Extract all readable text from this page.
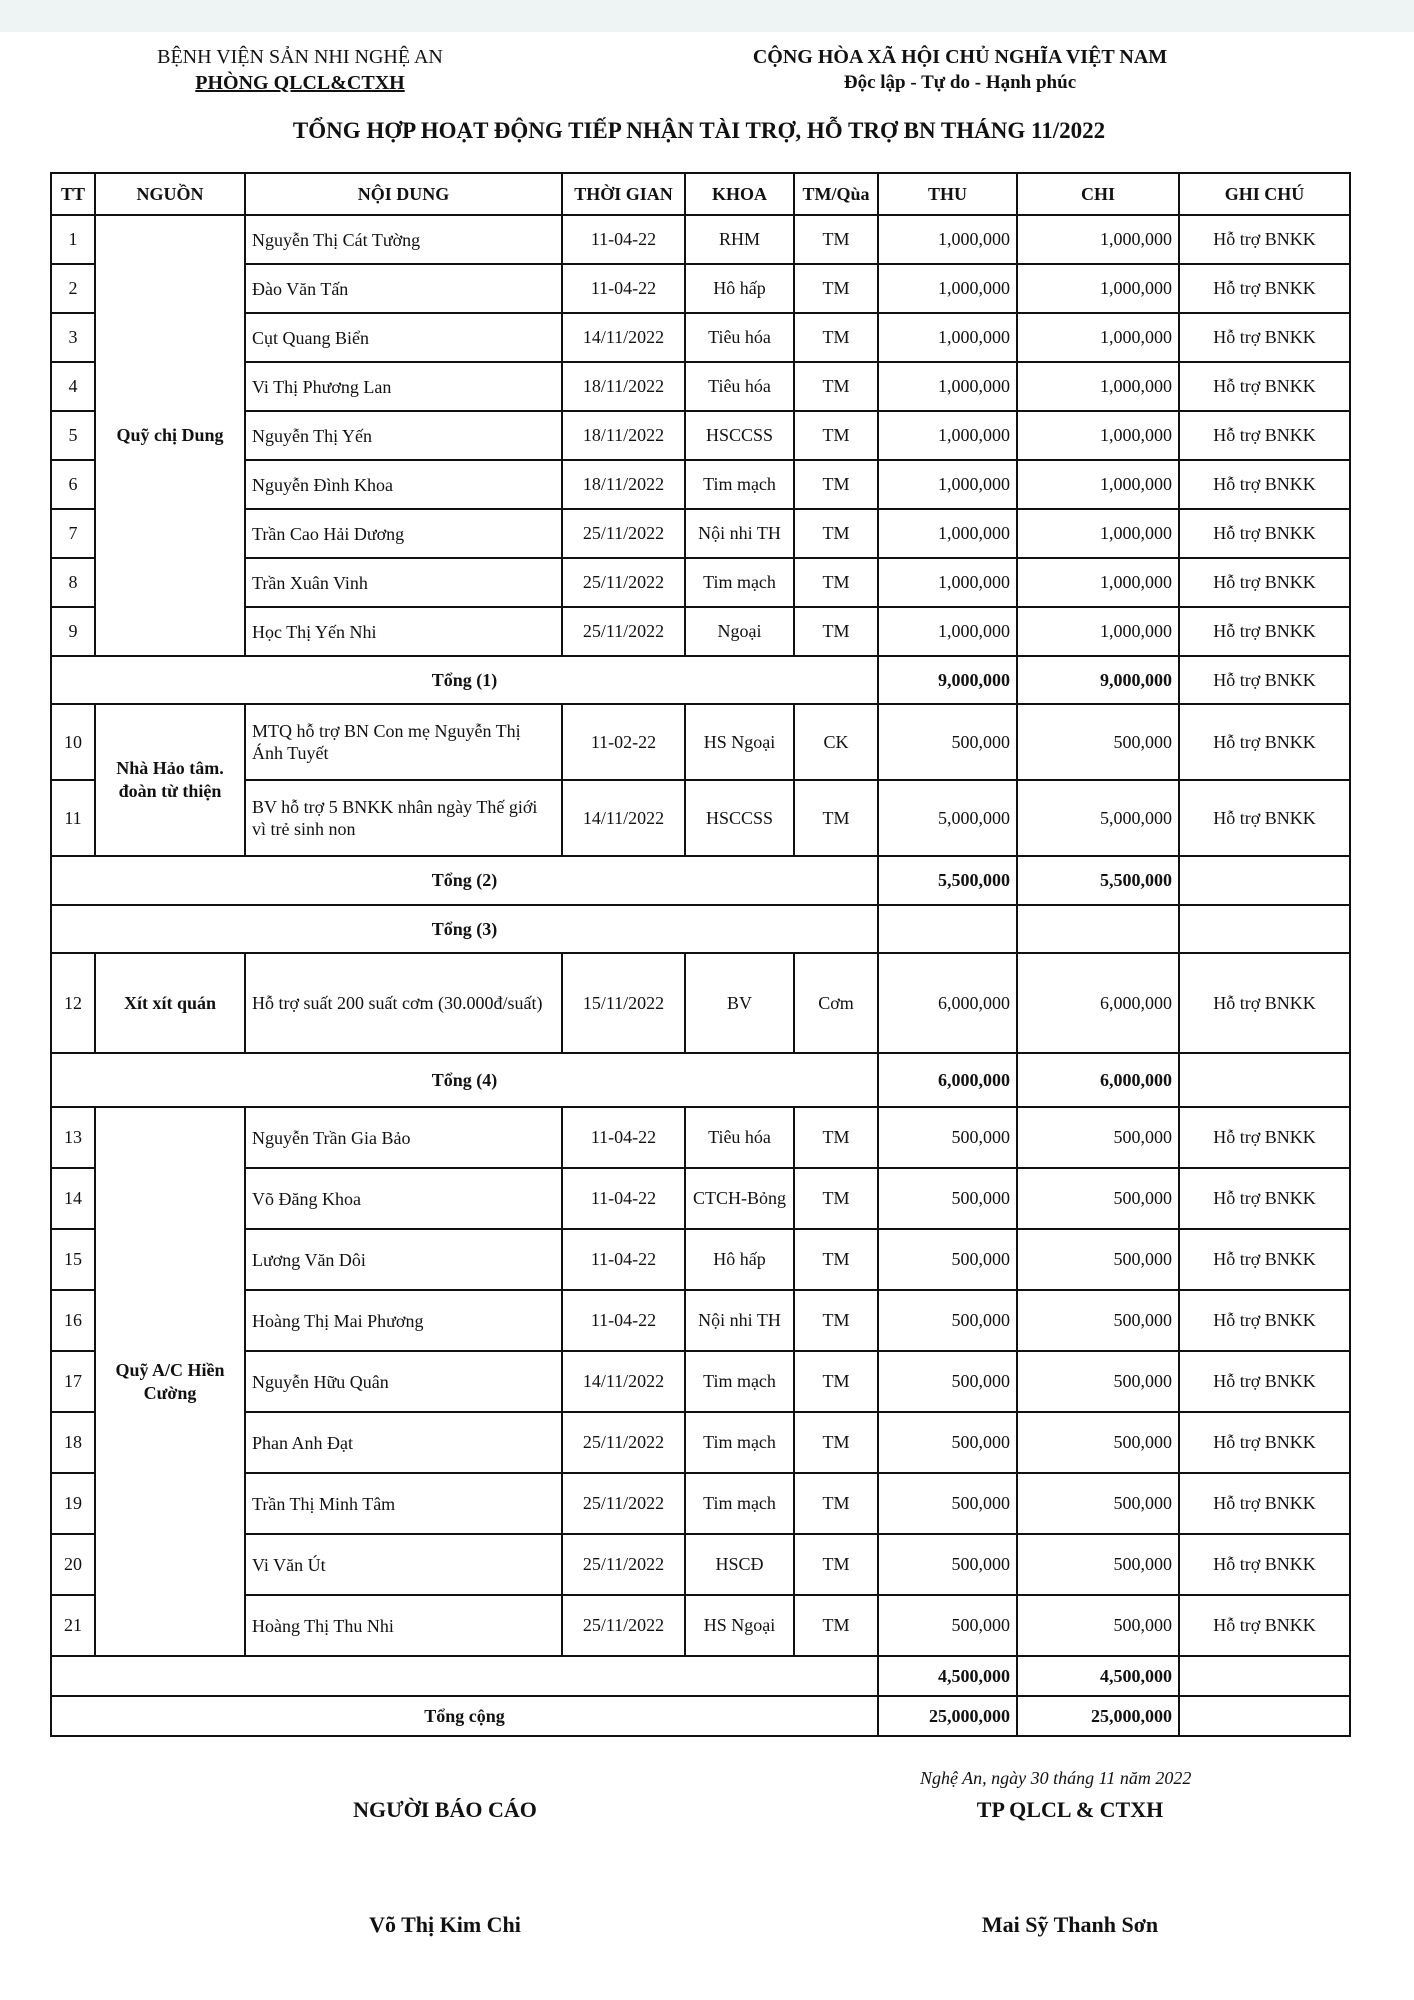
BỆNH VIỆN SẢN NHI NGHỆ AN
PHÒNG QLCL&CTXH
CỘNG HÒA XÃ HỘI CHỦ NGHĨA VIỆT NAM
Độc lập - Tự do - Hạnh phúc
TỔNG HỢP HOẠT ĐỘNG TIẾP NHẬN TÀI TRỢ, HỖ TRỢ BN THÁNG 11/2022
TT	NGUỒN	NỘI DUNG	THỜI GIAN	KHOA	TM/Qùa	THU	CHI	GHI CHÚ
1	Quỹ chị Dung	Nguyễn Thị Cát Tường	11-04-22	RHM	TM	1,000,000	1,000,000	Hỗ trợ BNKK
2		Đào Văn Tấn	11-04-22	Hô hấp	TM	1,000,000	1,000,000	Hỗ trợ BNKK
3		Cụt Quang Biển	14/11/2022	Tiêu hóa	TM	1,000,000	1,000,000	Hỗ trợ BNKK
4		Vi Thị Phương Lan	18/11/2022	Tiêu hóa	TM	1,000,000	1,000,000	Hỗ trợ BNKK
5		Nguyễn Thị Yến	18/11/2022	HSCCSS	TM	1,000,000	1,000,000	Hỗ trợ BNKK
6		Nguyễn Đình Khoa	18/11/2022	Tim mạch	TM	1,000,000	1,000,000	Hỗ trợ BNKK
7		Trần Cao Hải Dương	25/11/2022	Nội nhi TH	TM	1,000,000	1,000,000	Hỗ trợ BNKK
8		Trần Xuân Vinh	25/11/2022	Tim mạch	TM	1,000,000	1,000,000	Hỗ trợ BNKK
9		Học Thị Yến Nhi	25/11/2022	Ngoại	TM	1,000,000	1,000,000	Hỗ trợ BNKK
Tổng (1)						9,000,000	9,000,000	Hỗ trợ BNKK
10	Nhà Hảo tâm. đoàn từ thiện	MTQ hỗ trợ BN Con mẹ Nguyễn Thị Ánh Tuyết	11-02-22	HS Ngoại	CK	500,000	500,000	Hỗ trợ BNKK
11		BV hỗ trợ 5 BNKK nhân ngày Thế giới vì trẻ sinh non	14/11/2022	HSCCSS	TM	5,000,000	5,000,000	Hỗ trợ BNKK
Tổng (2)						5,500,000	5,500,000	
Tổng (3)								
12	Xít xít quán	Hỗ trợ suất 200 suất cơm (30.000đ/suất)	15/11/2022	BV	Cơm	6,000,000	6,000,000	Hỗ trợ BNKK
Tổng (4)						6,000,000	6,000,000	
13	Quỹ A/C Hiền Cường	Nguyễn Trần Gia Bảo	11-04-22	Tiêu hóa	TM	500,000	500,000	Hỗ trợ BNKK
14		Võ Đăng Khoa	11-04-22	CTCH-Bỏng	TM	500,000	500,000	Hỗ trợ BNKK
15		Lương Văn Dôi	11-04-22	Hô hấp	TM	500,000	500,000	Hỗ trợ BNKK
16		Hoàng Thị Mai Phương	11-04-22	Nội nhi TH	TM	500,000	500,000	Hỗ trợ BNKK
17		Nguyễn Hữu Quân	14/11/2022	Tim mạch	TM	500,000	500,000	Hỗ trợ BNKK
18		Phan Anh Đạt	25/11/2022	Tim mạch	TM	500,000	500,000	Hỗ trợ BNKK
19		Trần Thị Minh Tâm	25/11/2022	Tim mạch	TM	500,000	500,000	Hỗ trợ BNKK
20		Vi Văn Út	25/11/2022	HSCĐ	TM	500,000	500,000	Hỗ trợ BNKK
21		Hoàng Thị Thu Nhi	25/11/2022	HS Ngoại	TM	500,000	500,000	Hỗ trợ BNKK
						4,500,000	4,500,000	
Tổng cộng						25,000,000	25,000,000	
Nghệ An, ngày 30 tháng 11 năm 2022
NGƯỜI BÁO CÁO	TP QLCL & CTXH
Võ Thị Kim Chi	Mai Sỹ Thanh Sơn
